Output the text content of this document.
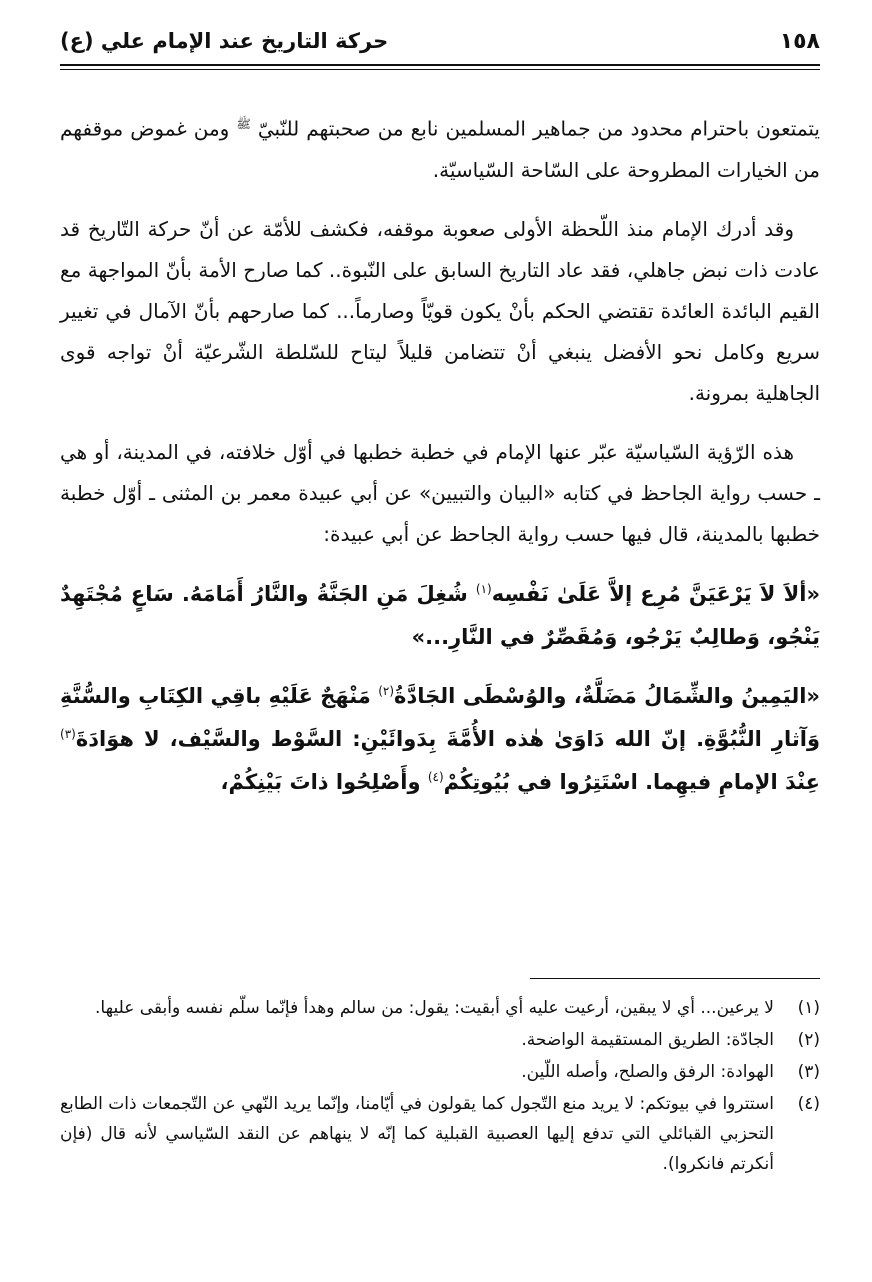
١٥٨
حركة التاريخ عند الإمام علي (ع)

يتمتعون باحترام محدود من جماهير المسلمين نابع من صحبتهم للنّبيّ $^ﷺ$ ومن غموض موقفهم من الخيارات المطروحة على السّاحة السّياسيّة.

وقد أدرك الإمام منذ اللّحظة الأولى صعوبة موقفه، فكشف للأمّة عن أنّ حركة التّاريخ قد عادت ذات نبض جاهلي، فقد عاد التاريخ السابق على النّبوة.. كما صارح الأمة بأنّ المواجهة مع القيم البائدة العائدة تقتضي الحكم بأنْ يكون قويّاً وصارماً... كما صارحهم بأنّ الآمال في تغيير سريع وكامل نحو الأفضل ينبغي أنْ تتضامن قليلاً ليتاح للسّلطة الشّرعيّة أنْ تواجه قوى الجاهلية بمرونة.

هذه الرّؤية السّياسيّة عبّر عنها الإمام في خطبة خطبها في أوّل خلافته، في المدينة، أو هي ـ حسب رواية الجاحظ في كتابه «البيان والتبيين» عن أبي عبيدة معمر بن المثنى ـ أوّل خطبة خطبها بالمدينة، قال فيها حسب رواية الجاحظ عن أبي عبيدة:

«ألاَ لاَ يَرْعَيَنَّ مُرِع إلاَّ عَلَىٰ نَفْسِه$^{(١)}$ شُغِلَ مَنِ الجَنَّةُ والنَّارُ أَمَامَهُ. سَاعٍ مُجْتَهِدٌ يَنْجُو، وَطالِبٌ يَرْجُو، وَمُقَصِّرٌ في النَّارِ...»

«اليَمِينُ والشِّمَالُ مَضَلَّةٌ، والوُسْطَى الجَادَّةُ$^{(٢)}$ مَنْهَجٌ عَلَيْهِ باقِي الكِتَابِ والسُّنَّةِ وَآثارِ النُّبُوَّةِ. إنّ الله دَاوَىٰ هٰذه الأُمَّةَ بِدَوائَيْنِ: السَّوْط والسَّيْف، لا هوَادَةَ$^{(٣)}$ عِنْدَ الإمامِ فيهِما. اسْتَتِرُوا في بُيُوتِكُمْ$^{(٤)}$ وأَصْلِحُوا ذاتَ بَيْنِكُمْ،

(١)
لا يرعين... أي لا يبقين، أرعيت عليه أي أبقيت: يقول: من سالم وهدأ فإنّما سلّم نفسه وأبقى عليها.
(٢)
الجادّة: الطريق المستقيمة الواضحة.
(٣)
الهوادة: الرفق والصلح، وأصله اللّين.
(٤)
استتروا في بيوتكم: لا يريد منع التّجول كما يقولون في أيّامنا، وإنّما يريد النّهي عن التّجمعات ذات الطابع التحزبي القبائلي التي تدفع إليها العصبية القبلية كما إنّه لا ينهاهم عن النقد السّياسي لأنه قال (فإن أنكرتم فانكروا).
